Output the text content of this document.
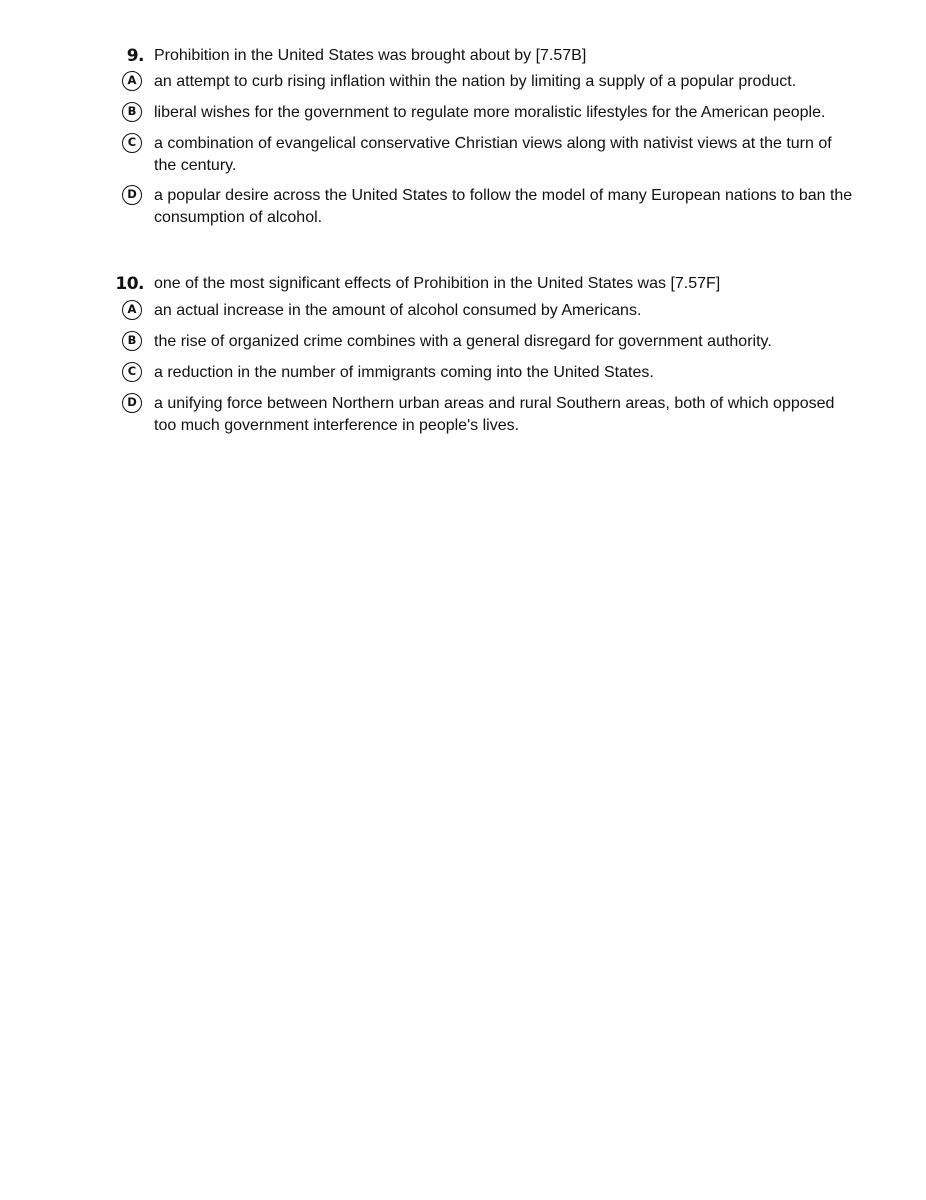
9. Prohibition in the United States was brought about by [7.57B]
A	an attempt to curb rising inflation within the nation by limiting a supply of a popular product.
B	liberal wishes for the government to regulate more moralistic lifestyles for the American people.
C	a combination of evangelical conservative Christian views along with nativist views at the turn of the century.
D	a popular desire across the United States to follow the model of many European nations to ban the consumption of alcohol.
10. one of the most significant effects of Prohibition in the United States was [7.57F]
A	an actual increase in the amount of alcohol consumed by Americans.
B	the rise of organized crime combines with a general disregard for government authority.
C	a reduction in the number of immigrants coming into the United States.
D	a unifying force between Northern urban areas and rural Southern areas, both of which opposed too much government interference in people's lives.
